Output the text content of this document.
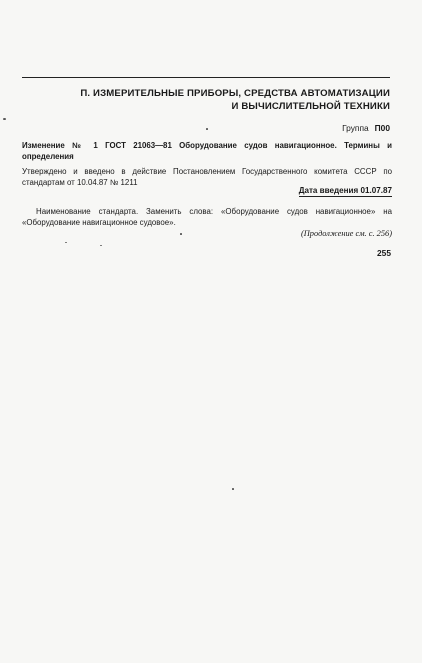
П. ИЗМЕРИТЕЛЬНЫЕ ПРИБОРЫ, СРЕДСТВА АВТОМАТИЗАЦИИ
И ВЫЧИСЛИТЕЛЬНОЙ ТЕХНИКИ
Группа П00
Изменение № 1 ГОСТ 21063—81 Оборудование судов навигационное. Термины и определения
Утверждено и введено в действие Постановлением Государственного комитета СССР по стандартам от 10.04.87 № 1211
Дата введения 01.07.87
Наименование стандарта. Заменить слова: «Оборудование судов навигационное» на «Оборудование навигационное судовое».
(Продолжение см. с. 256)
255
